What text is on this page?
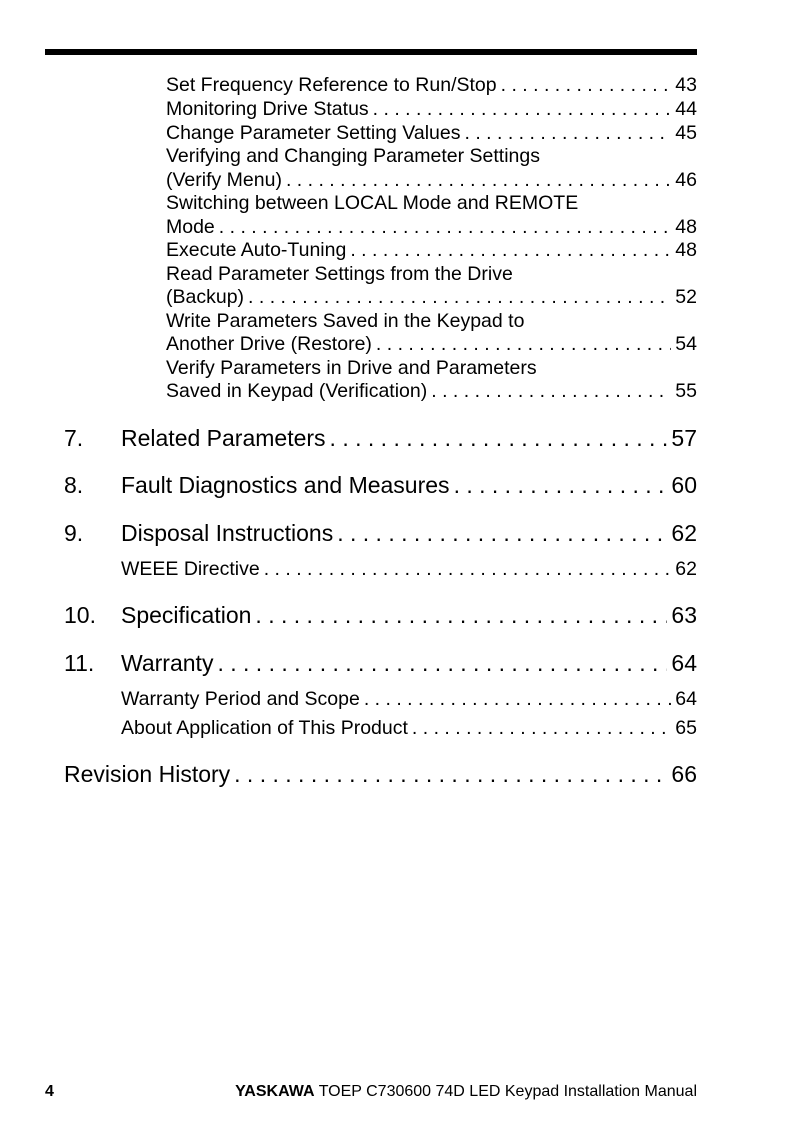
Set Frequency Reference to Run/Stop . . .	43
Monitoring Drive Status . . .	44
Change Parameter Setting Values . . .	45
Verifying and Changing Parameter Settings
(Verify Menu) . . .	46
Switching between LOCAL Mode and REMOTE
Mode . . .	48
Execute Auto-Tuning . . .	48
Read Parameter Settings from the Drive
(Backup) . . .	52
Write Parameters Saved in the Keypad to
Another Drive (Restore) . . .	54
Verify Parameters in Drive and Parameters
Saved in Keypad (Verification) . . .	55
7.	Related Parameters . . .	57
8.	Fault Diagnostics and Measures . . .	60
9.	Disposal Instructions . . .	62
WEEE Directive . . .	62
10.	Specification . . .	63
11.	Warranty . . .	64
Warranty Period and Scope . . .	64
About Application of This Product . . .	65
Revision History . . .	66
4	YASKAWA TOEP C730600 74D LED Keypad Installation Manual
